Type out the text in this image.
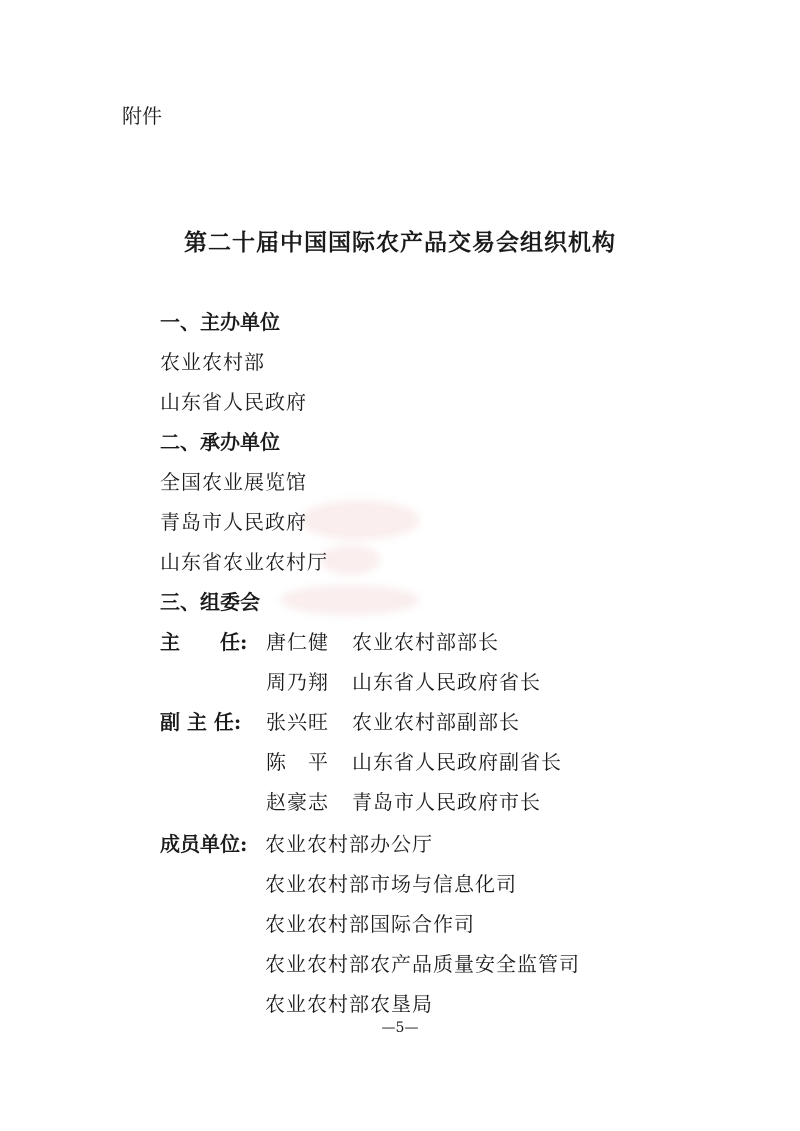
附件
第二十届中国国际农产品交易会组织机构
一、主办单位
农业农村部
山东省人民政府
二、承办单位
全国农业展览馆
青岛市人民政府
山东省农业农村厅
三、组委会
主　　任: 唐仁健 农业农村部部长
周乃翔 山东省人民政府省长
副 主 任: 张兴旺 农业农村部副部长
陈　平 山东省人民政府副省长
赵豪志 青岛市人民政府市长
成员单位: 农业农村部办公厅
农业农村部市场与信息化司
农业农村部国际合作司
农业农村部农产品质量安全监管司
农业农村部农垦局
—5—
